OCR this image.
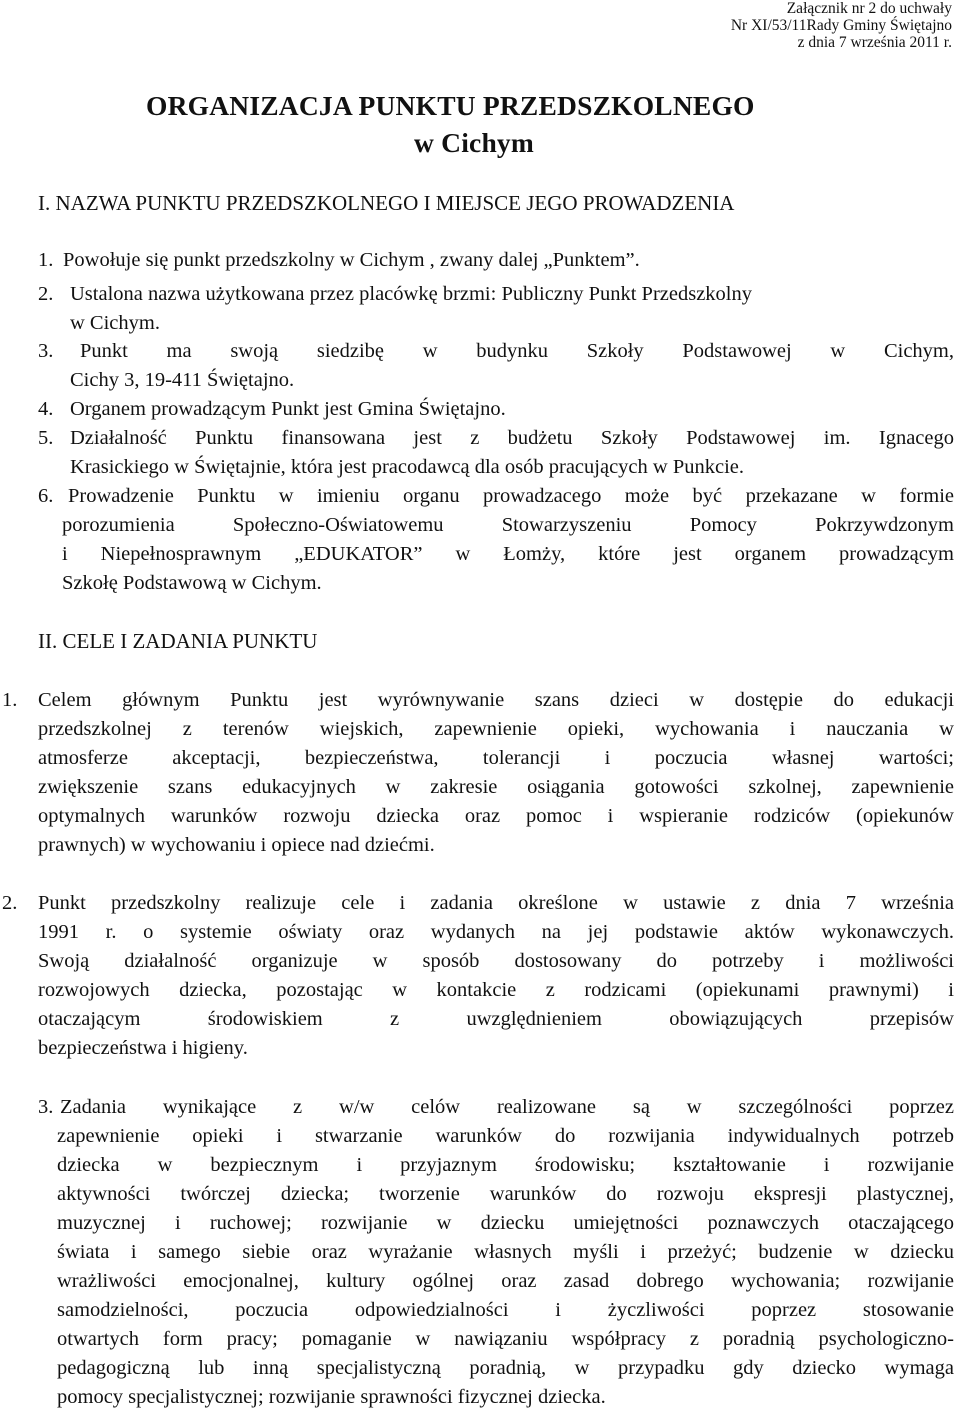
Załącznik nr 2 do uchwały
Nr XI/53/11Rady Gminy Świętajno
z dnia 7 września 2011 r.
ORGANIZACJA PUNKTU PRZEDSZKOLNEGO
w Cichym
I. NAZWA PUNKTU PRZEDSZKOLNEGO I MIEJSCE JEGO PROWADZENIA
1. Powołuje się punkt przedszkolny w Cichym , zwany dalej „Punktem”.
2. Ustalona nazwa użytkowana przez placówkę brzmi: Publiczny Punkt Przedszkolny
w Cichym.
3. Punkt ma swoją siedzibę w budynku Szkoły Podstawowej w Cichym,
Cichy 3, 19-411 Świętajno.
4. Organem prowadzącym Punkt jest Gmina Świętajno.
5. Działalność Punktu finansowana jest z budżetu Szkoły Podstawowej im. Ignacego
Krasickiego w Świętajnie, która jest pracodawcą dla osób pracujących w Punkcie.
6. Prowadzenie Punktu w imieniu organu prowadzacego może być przekazane w formie
porozumienia Społeczno-Oświatowemu Stowarzyszeniu Pomocy Pokrzywdzonym
i Niepełnosprawnym „EDUKATOR” w Łomży, które jest organem prowadzącym
Szkołę Podstawową w Cichym.
II. CELE I ZADANIA PUNKTU
1. Celem głównym Punktu jest wyrównywanie szans dzieci w dostępie do edukacji
przedszkolnej z terenów wiejskich, zapewnienie opieki, wychowania i nauczania w
atmosferze akceptacji, bezpieczeństwa, tolerancji i poczucia własnej wartości;
zwiększenie szans edukacyjnych w zakresie osiągania gotowości szkolnej, zapewnienie
optymalnych warunków rozwoju dziecka oraz pomoc i wspieranie rodziców (opiekunów
prawnych) w wychowaniu i opiece nad dziećmi.
2. Punkt przedszkolny realizuje cele i zadania określone w ustawie z dnia 7 września
1991 r. o systemie oświaty oraz wydanych na jej podstawie aktów wykonawczych.
Swoją działalność organizuje w sposób dostosowany do potrzeby i możliwości
rozwojowych dziecka, pozostając w kontakcie z rodzicami (opiekunami prawnymi) i
otaczającym środowiskiem z uwzględnieniem obowiązujących przepisów
bezpieczeństwa i higieny.
3. Zadania wynikające z w/w celów realizowane są w szczególności poprzez
zapewnienie opieki i stwarzanie warunków do rozwijania indywidualnych potrzeb
dziecka w bezpiecznym i przyjaznym środowisku; kształtowanie i rozwijanie
aktywności twórczej dziecka; tworzenie warunków do rozwoju ekspresji plastycznej,
muzycznej i ruchowej; rozwijanie w dziecku umiejętności poznawczych otaczającego
świata i samego siebie oraz wyrażanie własnych myśli i przeżyć; budzenie w dziecku
wrażliwości emocjonalnej, kultury ogólnej oraz zasad dobrego wychowania; rozwijanie
samodzielności, poczucia odpowiedzialności i życzliwości poprzez stosowanie
otwartych form pracy; pomaganie w nawiązaniu współpracy z poradnią psychologiczno-
pedagogiczną lub inną specjalistyczną poradnią, w przypadku gdy dziecko wymaga
pomocy specjalistycznej; rozwijanie sprawności fizycznej dziecka.
